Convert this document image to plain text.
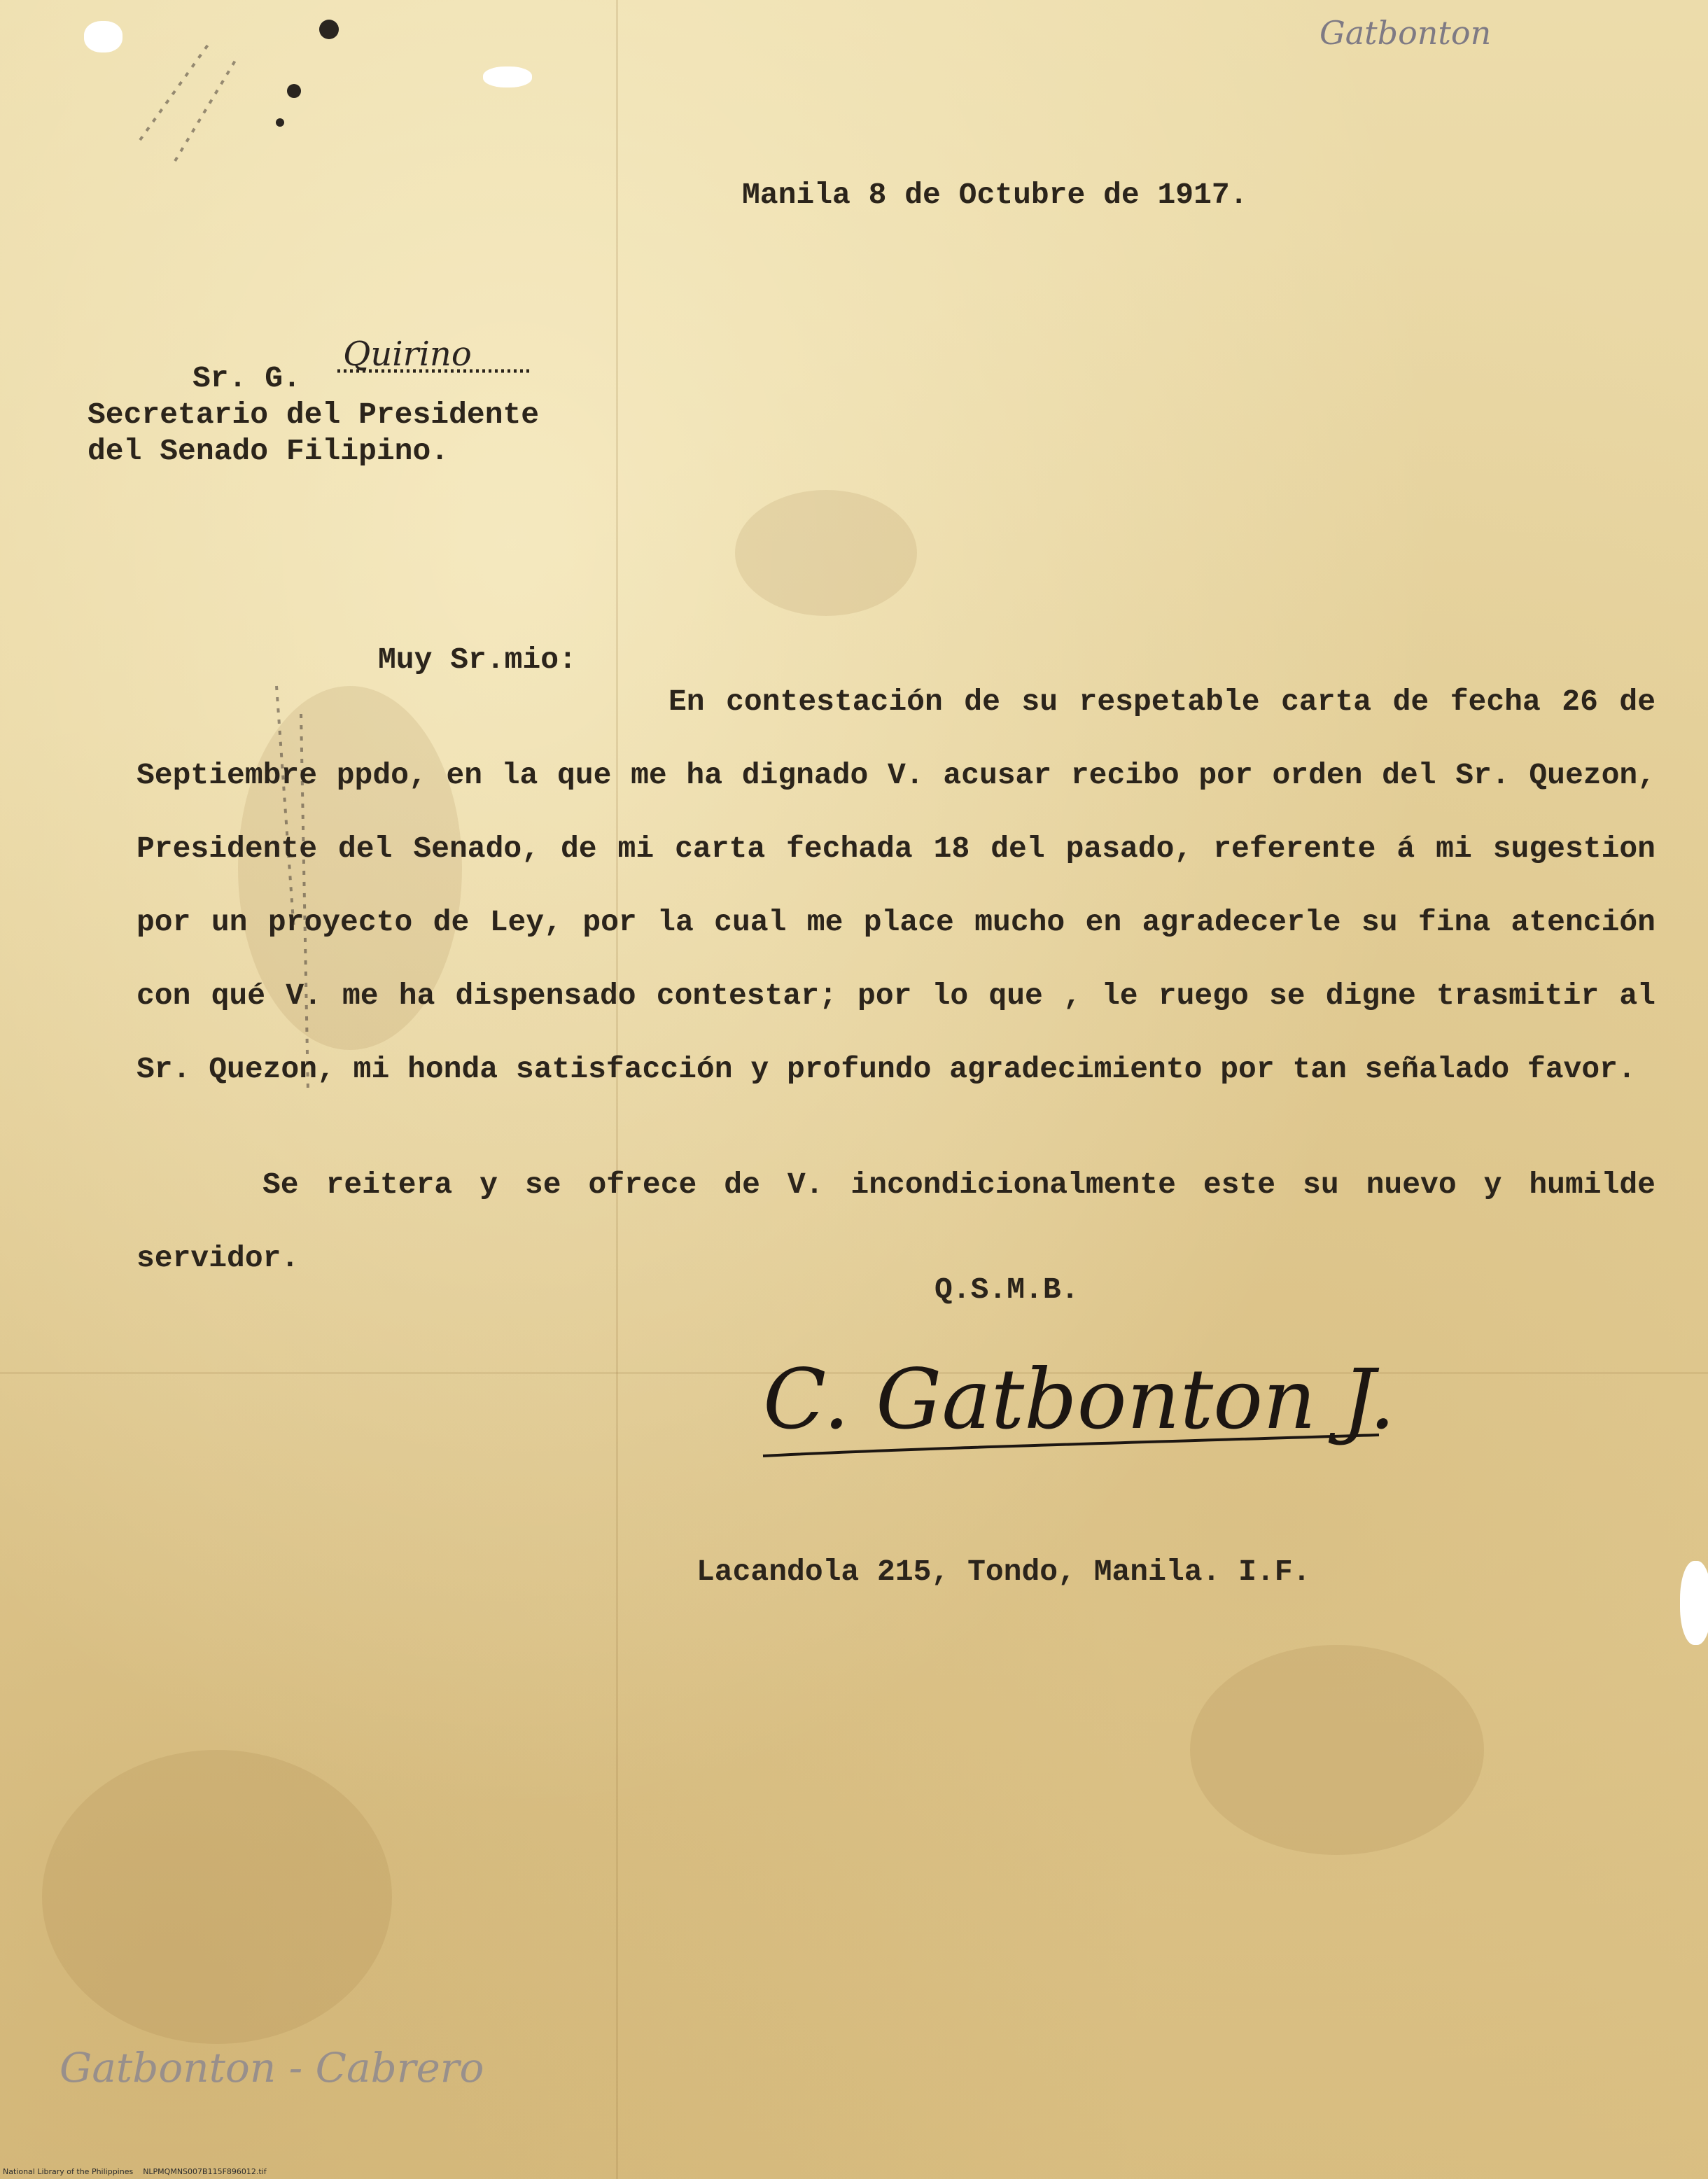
Manila 8 de Octubre de 1917.

Sr. G.

Quirino

Secretario del Presidente

del Senado Filipino.

Muy Sr.mio:

En contestación de su respetable carta de fecha 26 de Septiembre ppdo, en la que me ha dignado V. acusar recibo por orden del Sr. Quezon, Presidente del Senado, de mi carta fechada 18 del pasado, referente á mi sugestion por un proyecto de Ley, por la cual me place mucho en agradecerle su fina atención con qué V. me ha dispensado contestar; por lo que , le ruego se digne trasmitir al Sr. Quezon, mi honda satisfacción y profundo agradecimiento por tan señalado favor.

Se reitera y se ofrece de V. incondicionalmente este su nuevo y humilde servidor.

Q.S.M.B.

C. Gatbonton J.

Lacandola 215, Tondo, Manila. I.F.

Gatbonton

Gatbonton - Cabrero

National Library of the Philippines    NLPMQMNS007B115F896012.tif
